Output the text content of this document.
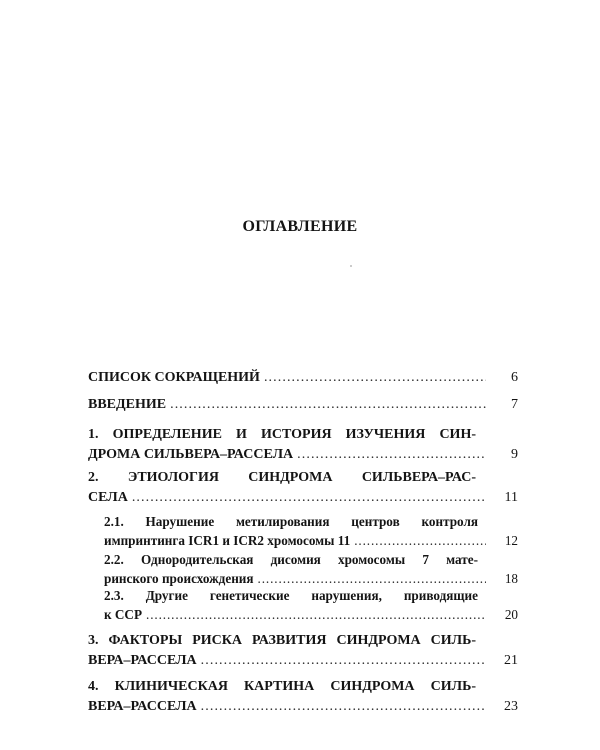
ОГЛАВЛЕНИЕ
СПИСОК СОКРАЩЕНИЙ . . .	6
ВВЕДЕНИЕ . . .	7
1. ОПРЕДЕЛЕНИЕ И ИСТОРИЯ ИЗУЧЕНИЯ СИН-
ДРОМА СИЛЬВЕРА–РАССЕЛА . . .	9
2. ЭТИОЛОГИЯ СИНДРОМА СИЛЬВЕРА–РАС-
СЕЛА . . .	11
2.1. Нарушение метилирования центров контроля
импринтинга ICR1 и ICR2 хромосомы 11 . . .	12
2.2. Однородительская дисомия хромосомы 7 мате-
ринского происхождения . . .	18
2.3. Другие генетические нарушения, приводящие
к ССР . . .	20
3. ФАКТОРЫ РИСКА РАЗВИТИЯ СИНДРОМА СИЛЬ-
ВЕРА–РАССЕЛА . . .	21
4. КЛИНИЧЕСКАЯ КАРТИНА СИНДРОМА СИЛЬ-
ВЕРА–РАССЕЛА . . .	23
